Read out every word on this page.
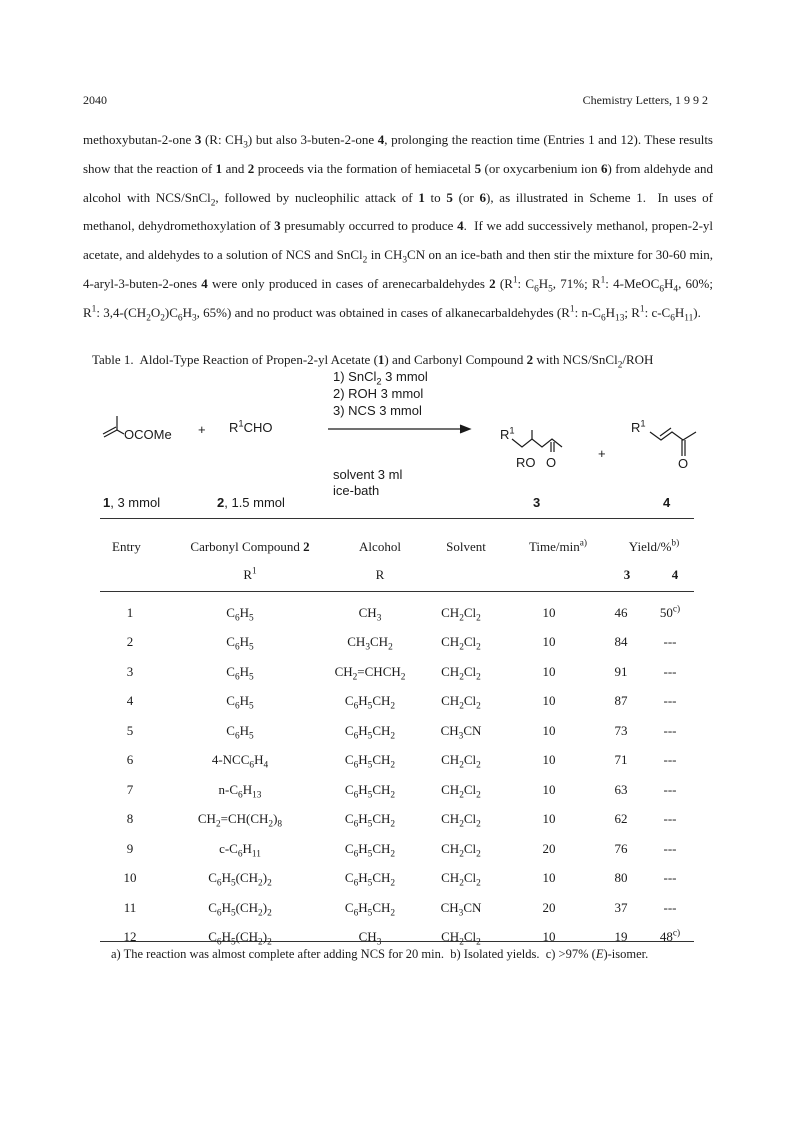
2040	Chemistry Letters, 1 9 9 2

methoxybutan-2-one 3 (R: $CH_3$) but also 3-buten-2-one 4, prolonging the reaction time (Entries 1 and 12). These results show that the reaction of 1 and 2 proceeds via the formation of hemiacetal 5 (or oxycarbenium ion 6) from aldehyde and alcohol with NCS/SnCl$_2$, followed by nucleophilic attack of 1 to 5 (or 6), as illustrated in Scheme 1.  In uses of methanol, dehydromethoxylation of 3 presumably occurred to produce 4.  If we add successively methanol, propen-2-yl acetate, and aldehydes to a solution of NCS and SnCl$_2$ in $CH_3CN$ on an ice-bath and then stir the mixture for 30-60 min, 4-aryl-3-buten-2-ones 4 were only produced in cases of arenecarbaldehydes 2 ($R^1$: $C_6H_5$, 71%; $R^1$: $4-MeOC_6H_4$, 60%; $R^1$: $3,4-(CH_2O_2)C_6H_3$, 65%) and no product was obtained in cases of alkanecarbaldehydes ($R^1$: $n-C_6H_{13}$; $R^1$: $c-C_6H_{11}$).

Table 1.  Aldol-Type Reaction of Propen-2-yl Acetate (1) and Carbonyl Compound 2 with NCS/SnCl$_2$/ROH
1) SnCl$_2$ 3 mmol
2) ROH 3 mmol
3) NCS 3 mmol
solvent 3 ml
ice-bath
OCOMe + $R^1CHO$
+
$R^1$
RO O
$R^1$
O
1, 3 mmol	2, 1.5 mmol	3	4
Entry	Carbonyl Compound 2
$R^1$
Alcohol
R
Solvent	Time/$\min^{a)}$	Yield/%$^{b)}$
3	4
1	$C_6H_5$	$CH_3$	$CH_2Cl_2$	10	46	50$^{c)}$
2	$C_6H_5$	$CH_3CH_2$	$CH_2Cl_2$	10	84	---
3	$C_6H_5$	$CH_2=CHCH_2$	$CH_2Cl_2$	10	91	---
4	$C_6H_5$	$C_6H_5CH_2$	$CH_2Cl_2$	10	87	---
5	$C_6H_5$	$C_6H_5CH_2$	$CH_3CN$	10	73	---
6	$4-NCC_6H_4$	$C_6H_5CH_2$	$CH_2Cl_2$	10	71	---
7	$n-C_6H_{13}$	$C_6H_5CH_2$	$CH_2Cl_2$	10	63	---
8	$CH_2=CH(CH_2)_8$	$C_6H_5CH_2$	$CH_2Cl_2$	10	62	---
9	$c-C_6H_{11}$	$C_6H_5CH_2$	$CH_2Cl_2$	20	76	---
10	$C_6H_5(CH_2)_2$	$C_6H_5CH_2$	$CH_2Cl_2$	10	80	---
11	$C_6H_5(CH_2)_2$	$C_6H_5CH_2$	$CH_3CN$	20	37	---
12	$C_6H_5(CH_2)_2$	$CH_3$	$CH_2Cl_2$	10	19	48$^{c)}$
a) The reaction was almost complete after adding NCS for 20 min.  b) Isolated yields.  c) >97% (E)-isomer.
